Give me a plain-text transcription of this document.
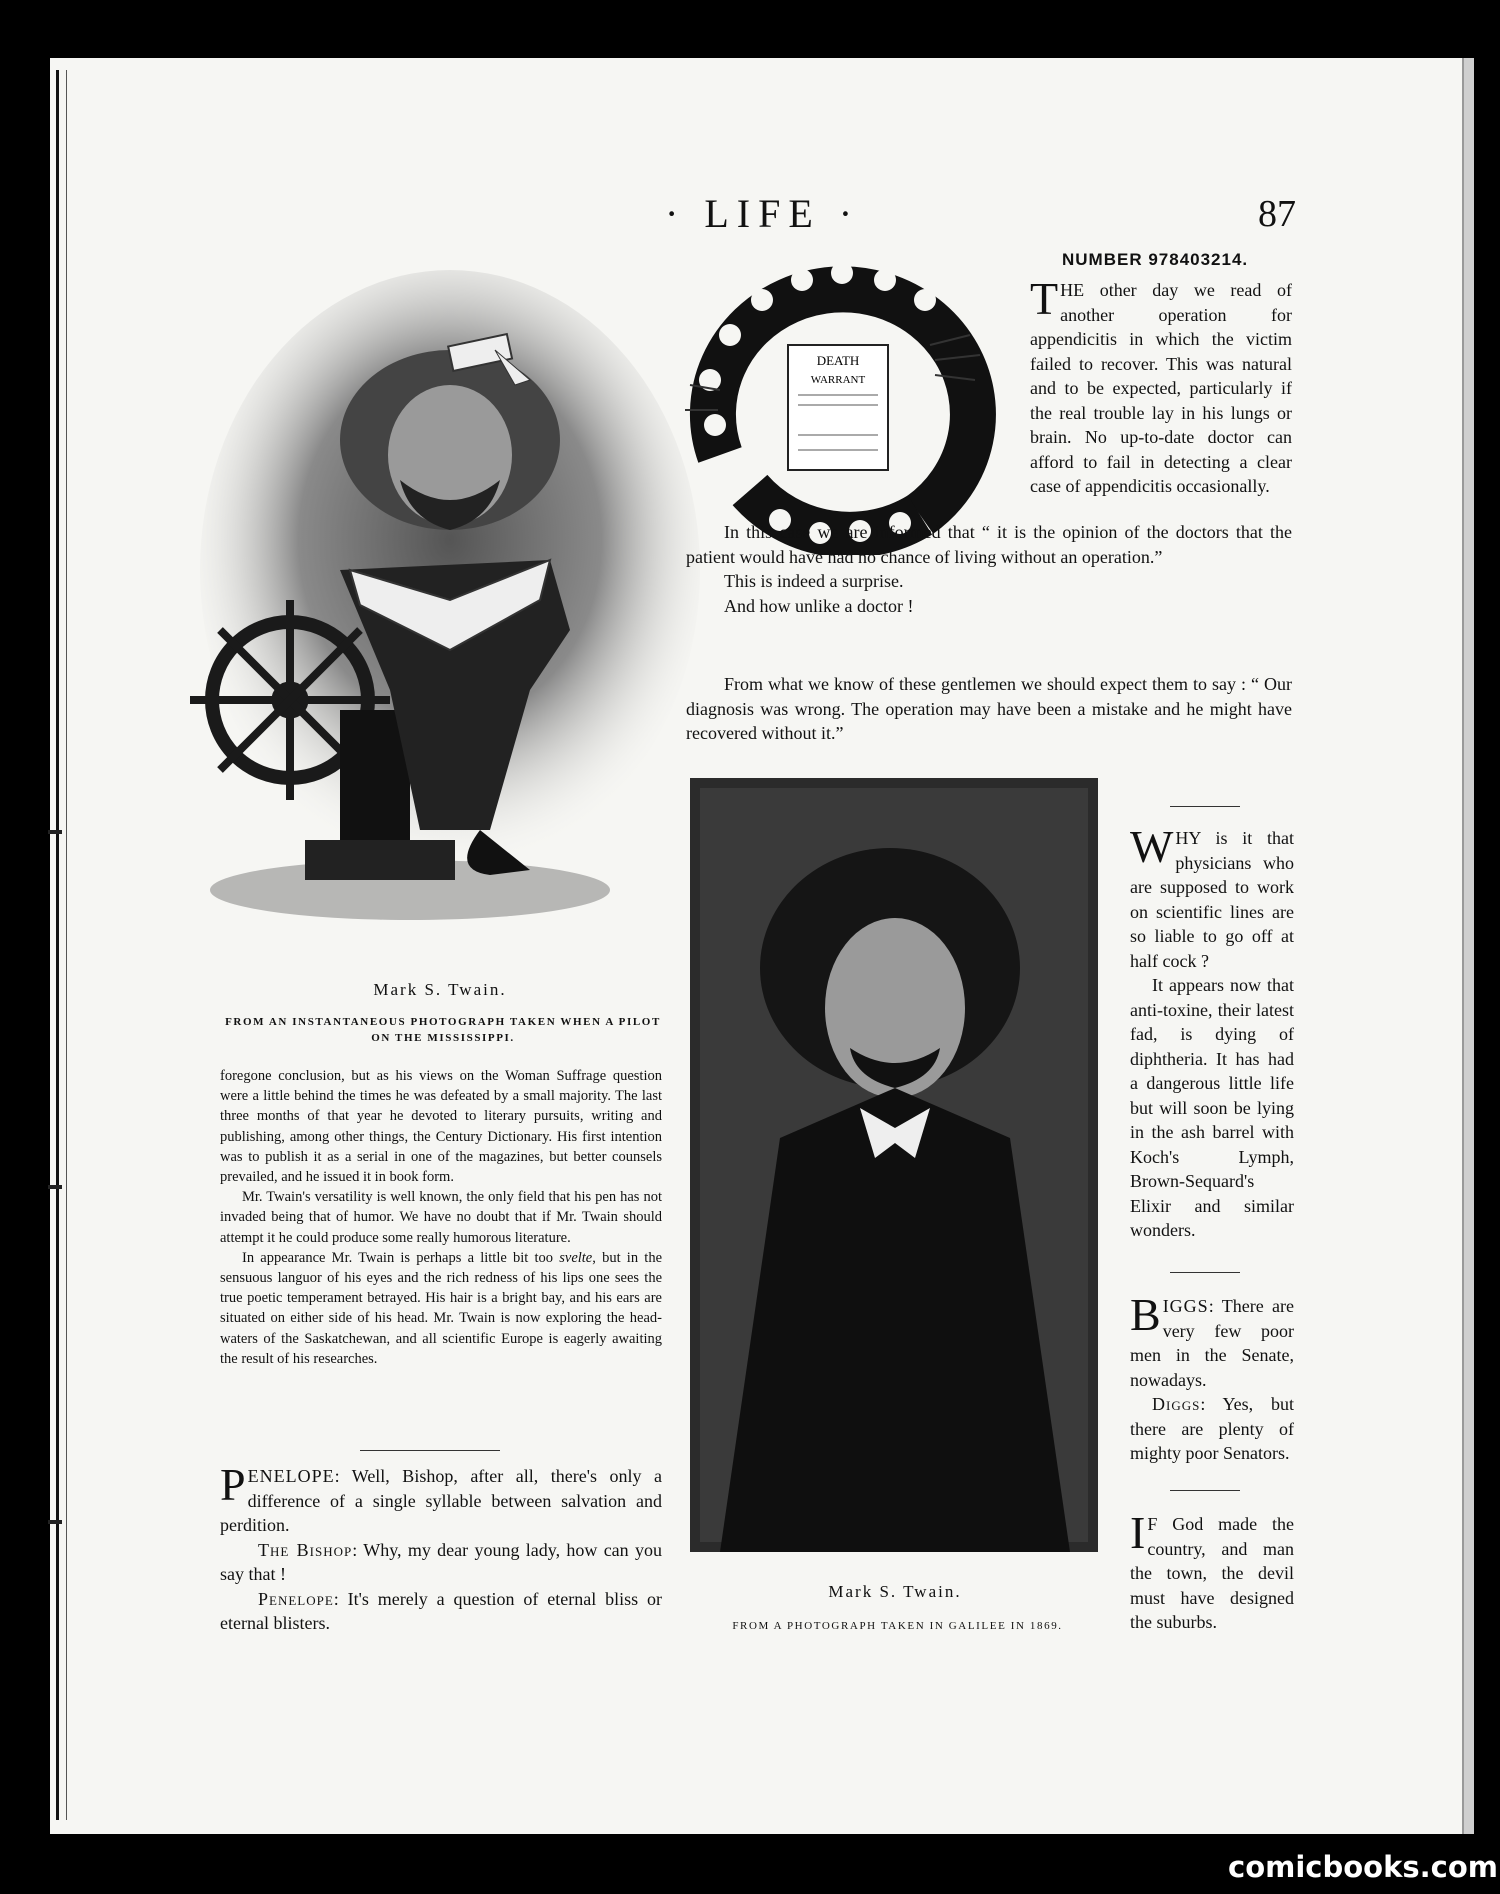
· LIFE ·	87
Mark S. Twain.
FROM AN INSTANTANEOUS PHOTOGRAPH TAKEN WHEN A PILOT ON THE MISSISSIPPI.

foregone conclusion, but as his views on the Woman Suffrage question were a little behind the times he was defeated by a small majority. The last three months of that year he devoted to literary pursuits, writing and publishing, among other things, the Century Dictionary. His first intention was to publish it as a serial in one of the magazines, but better counsels prevailed, and he issued it in book form.

Mr. Twain's versatility is well known, the only field that his pen has not invaded being that of humor. We have no doubt that if Mr. Twain should attempt it he could produce some really humorous literature.

In appearance Mr. Twain is perhaps a little bit too svelte, but in the sensuous languor of his eyes and the rich redness of his lips one sees the true poetic temperament betrayed. His hair is a bright bay, and his ears are situated on either side of his head. Mr. Twain is now exploring the head-waters of the Saskatchewan, and all scientific Europe is eagerly awaiting the result of his researches.

PENELOPE: Well, Bishop, after all, there's only a difference of a single syllable between salvation and perdition.

The Bishop: Why, my dear young lady, how can you say that !

Penelope: It's merely a question of eternal bliss or eternal blisters.

DEATH
WARRANT
NUMBER 978403214.

THE other day we read of another operation for appendicitis in which the victim failed to recover. This was natural and to be expected, particularly if the real trouble lay in his lungs or brain. No up-to-date doctor can afford to fail in detecting a clear case of appendicitis occasionally.

In this case we are informed that “ it is the opinion of the doctors that the patient would have had no chance of living without an operation.”

This is indeed a surprise.

And how unlike a doctor !

From what we know of these gentlemen we should expect them to say : “ Our diagnosis was wrong. The operation may have been a mistake and he might have recovered without it.”

Mark S. Twain.
FROM A PHOTOGRAPH TAKEN IN GALILEE IN 1869.

WHY is it that physicians who are supposed to work on scientific lines are so liable to go off at half cock ?

It appears now that anti-toxine, their latest fad, is dying of diphtheria. It has had a dangerous little life but will soon be lying in the ash barrel with Koch's Lymph, Brown-Sequard's Elixir and similar wonders.

BIGGS: There are very few poor men in the Senate, nowadays.

Diggs: Yes, but there are plenty of mighty poor Senators.

I F God made the country, and man the town, the devil must have designed the suburbs.

comicbooks.com
